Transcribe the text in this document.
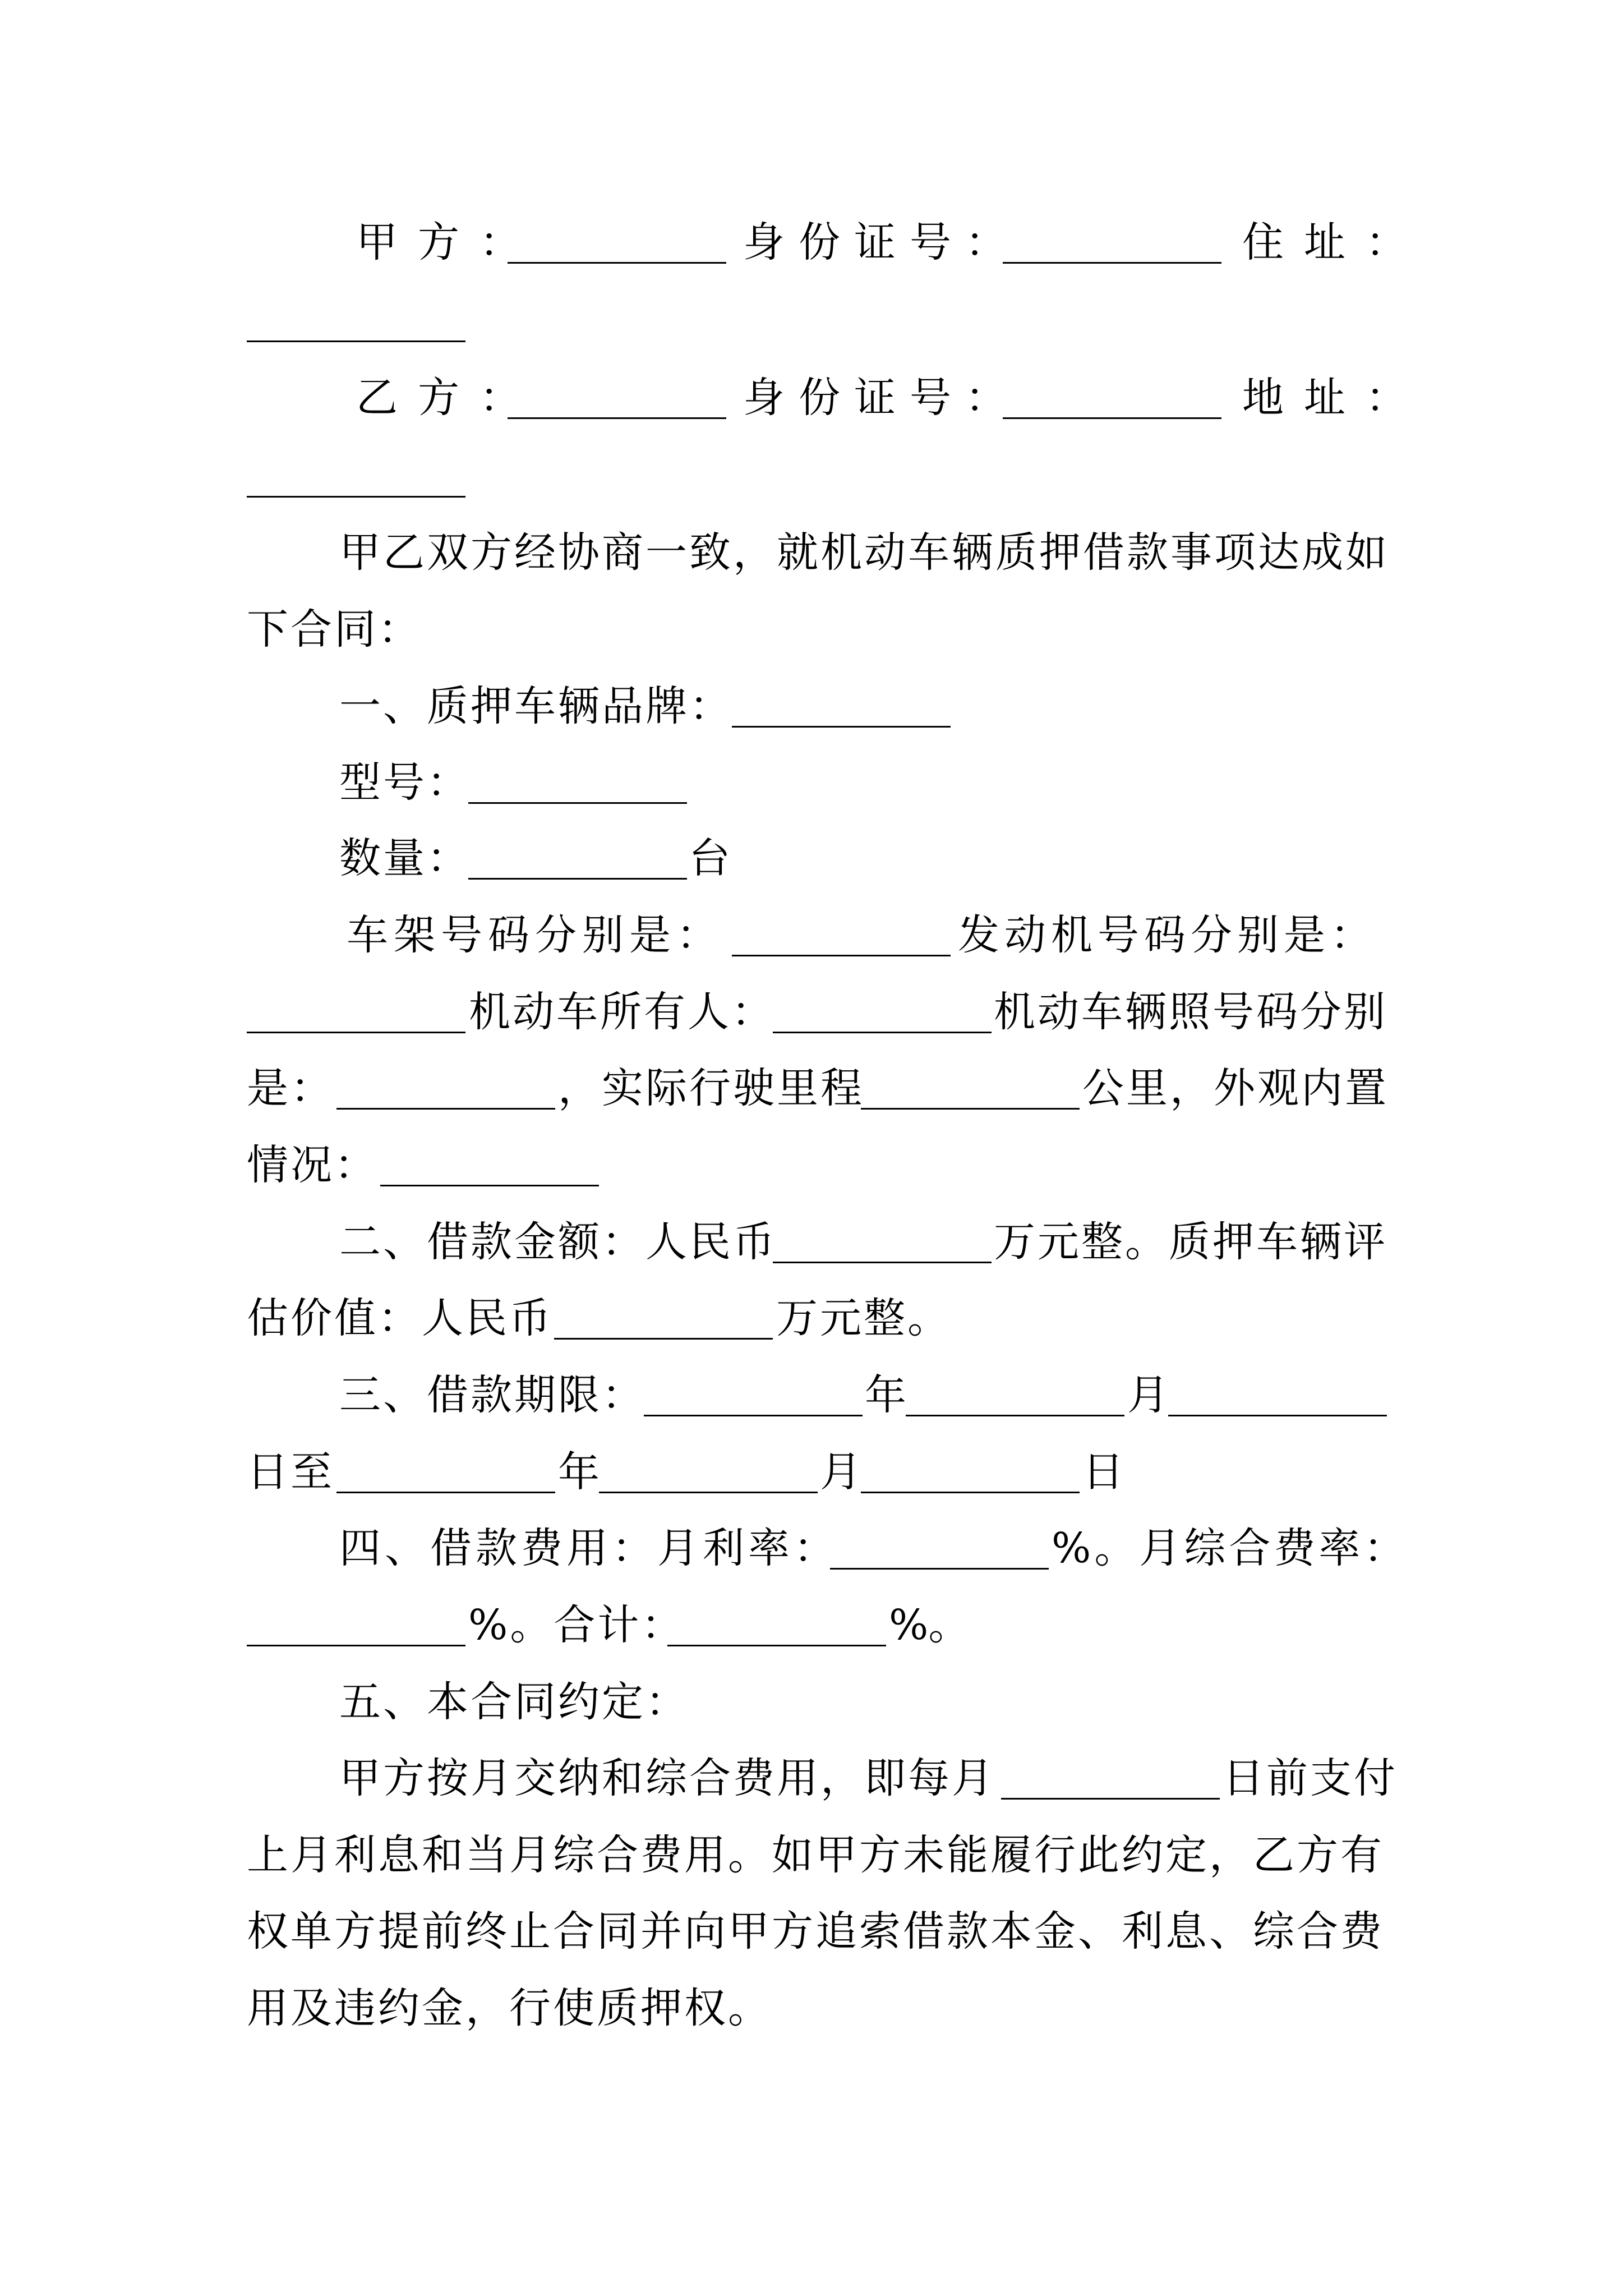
甲方：	身份证号：	住址：
乙方：	身份证号：	地址：
甲乙双方经协商一致，就机动车辆质押借款事项达成如
下合同：
一、质押车辆品牌：
型号：
数量：	台
车架号码分别是：	发动机号码分别是：
机动车所有人：	机动车辆照号码分别
是：	，实际行驶里程	公里，外观内置
情况：
二、借款金额：人民币	万元整。质押车辆评
估价值：人民币	万元整。
三、借款期限：	年	月
日至	年	月	日
四、借款费用：月利率：	%。月综合费率：
%。合计：	%。
五、本合同约定：
甲方按月交纳和综合费用，即每月	日前支付
上月利息和当月综合费用。如甲方未能履行此约定，乙方有
权单方提前终止合同并向甲方追索借款本金、利息、综合费
用及违约金，行使质押权。
